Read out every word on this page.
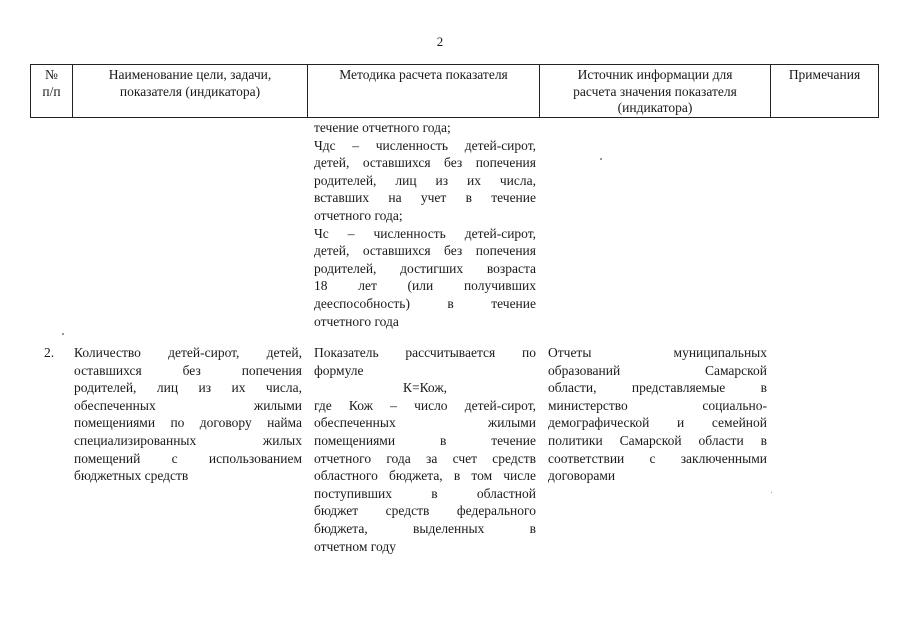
2
№
п/п
Наименование цели, задачи,
показателя (индикатора)
Методика расчета показателя	Источник информации для
расчета значения показателя
(индикатора)
Примечания
течение отчетного года;
Чдс – численность детей-сирот,
детей, оставшихся без попечения
родителей, лиц из их числа,
вставших на учет в течение
отчетного года;
Чс – численность детей-сирот,
детей, оставшихся без попечения
родителей, достигших возраста
18 лет (или получивших
дееспособность) в течение
отчетного года
2.	Количество детей-сирот, детей,
оставшихся без попечения
родителей, лиц из их числа,
обеспеченных жилыми
помещениями по договору найма
специализированных жилых
помещений с использованием
бюджетных средств
Показатель рассчитывается по
формуле
К=Кож,
где Кож – число детей-сирот,
обеспеченных жилыми
помещениями в течение
отчетного года за счет средств
областного бюджета, в том числе
поступивших в областной
бюджет средств федерального
бюджета, выделенных в
отчетном году
Отчеты муниципальных
образований Самарской
области, представляемые в
министерство социально-
демографической и семейной
политики Самарской области в
соответствии с заключенными
договорами
